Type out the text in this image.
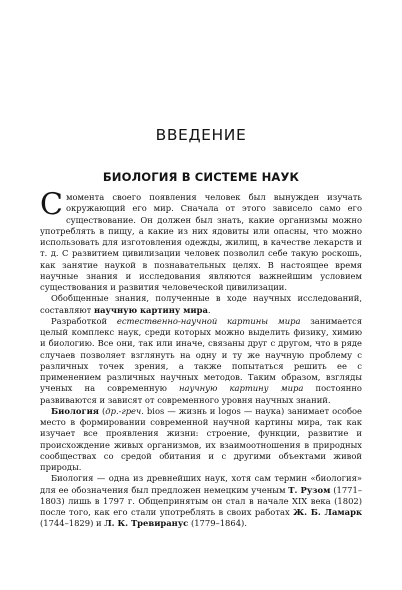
ВВЕДЕНИЕ
БИОЛОГИЯ В СИСТЕМЕ НАУК

С момента своего появления человек был вынужден изучать окружающий его мир. Сначала от этого зависело само его существование. Он должен был знать, какие организмы можно употреблять в пищу, а какие из них ядовиты или опасны, что можно использовать для изготовления одежды, жилищ, в качестве лекарств и т. д. С развитием цивилизации человек позволил себе такую роскошь, как занятие наукой в познавательных целях. В настоящее время научные знания и исследования являются важнейшим условием существования и развития человеческой цивилизации.

Обобщенные знания, полученные в ходе научных исследований, составляют научную картину мира.

Разработкой естественно-научной картины мира занимается целый комплекс наук, среди которых можно выделить физику, химию и биологию. Все они, так или иначе, связаны друг с другом, что в ряде случаев позволяет взглянуть на одну и ту же научную проблему с различных точек зрения, а также попытаться решить ее с применением различных научных методов. Таким образом, взгляды ученых на современную научную картину мира постоянно развиваются и зависят от современного уровня научных знаний.

Биология (др.-греч. bios — жизнь и logos — наука) занимает особое место в формировании современной научной картины мира, так как изучает все проявления жизни: строение, функции, развитие и происхождение живых организмов, их взаимоотношения в природных сообществах со средой обитания и с другими объектами живой природы.

Биология — одна из древнейших наук, хотя сам термин «биология» для ее обозначения был предложен немецким ученым Т. Рузом (1771–1803) лишь в 1797 г. Общепринятым он стал в начале XIX века (1802) после того, как его стали употреблять в своих работах Ж. Б. Ламарк (1744–1829) и Л. К. Тревиранус (1779–1864).
